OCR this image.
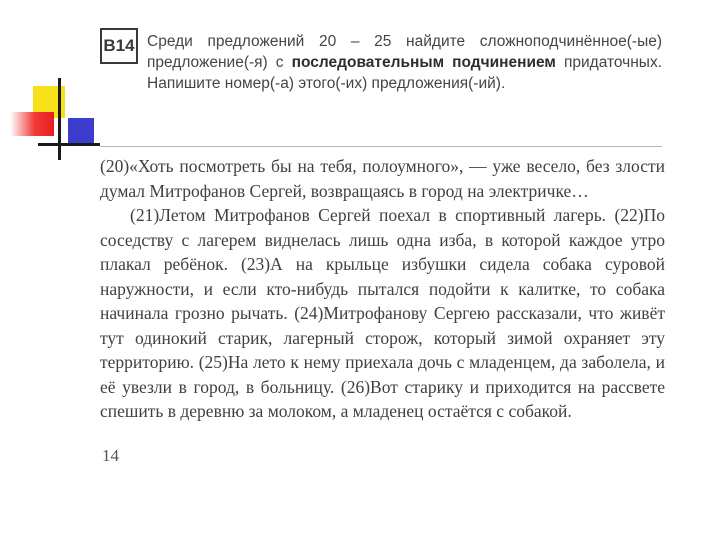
B14 Среди предложений 20 – 25 найдите сложноподчинённое(-ые) предложение(-я) с последовательным подчинением придаточных. Напишите номер(-а) этого(-их) предложения(-ий).

(20)«Хоть посмотреть бы на тебя, полоумного», — уже весело, без злости думал Митрофанов Сергей, возвращаясь в город на электричке…

(21)Летом Митрофанов Сергей поехал в спортивный лагерь. (22)По соседству с лагерем виднелась лишь одна изба, в которой каждое утро плакал ребёнок. (23)А на крыльце избушки сидела собака суровой наружности, и если кто-нибудь пытался подойти к калитке, то собака начинала грозно рычать. (24)Митрофанову Сергею рассказали, что живёт тут одинокий старик, лагерный сторож, который зимой охраняет эту территорию. (25)На лето к нему приехала дочь с младенцем, да заболела, и её увезли в город, в больницу. (26)Вот старику и приходится на рассвете спешить в деревню за молоком, а младенец остаётся с собакой.

14
